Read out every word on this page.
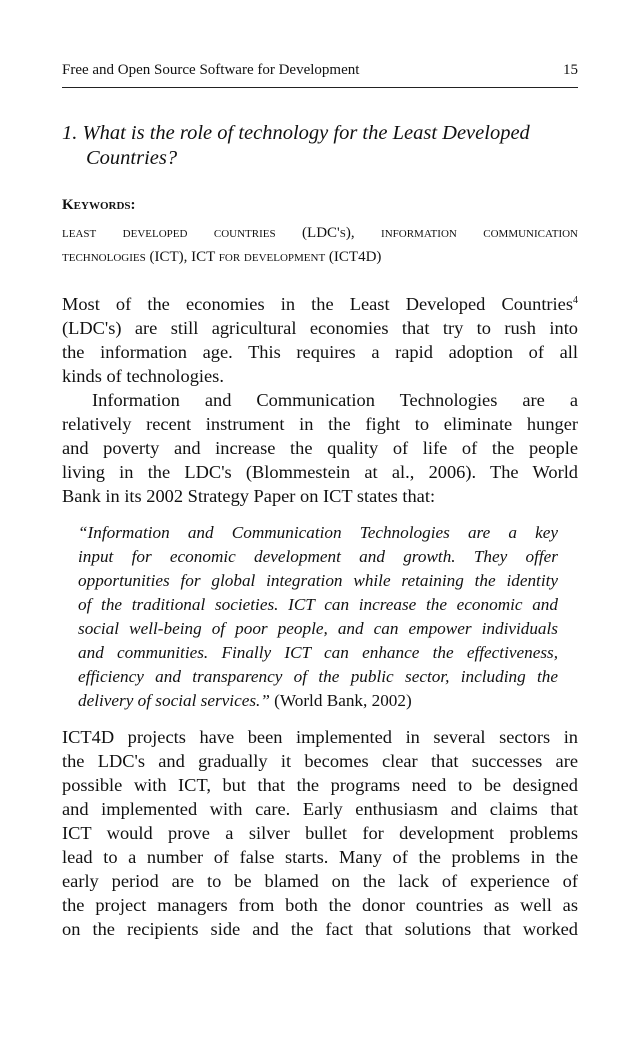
Free and Open Source Software for Development	15
1. What is the role of technology for the Least Developed
Countries?
Keywords:
least developed countries (LDC's), information communication
technologies (ICT), ICT for development (ICT4D)
Most of the economies in the Least Developed Countries$^4$
(LDC's) are still agricultural economies that try to rush into
the information age. This requires a rapid adoption of all
kinds of technologies.
Information and Communication Technologies are a
relatively recent instrument in the fight to eliminate hunger
and poverty and increase the quality of life of the people
living in the LDC's (Blommestein at al., 2006). The World
Bank in its 2002 Strategy Paper on ICT states that:
“Information and Communication Technologies are a key
input for economic development and growth. They offer
opportunities for global integration while retaining the identity
of the traditional societies. ICT can increase the economic and
social well-being of poor people, and can empower individuals
and communities. Finally ICT can enhance the effectiveness,
efficiency and transparency of the public sector, including the
delivery of social services.” (World Bank, 2002)
ICT4D projects have been implemented in several sectors in
the LDC's and gradually it becomes clear that successes are
possible with ICT, but that the programs need to be designed
and implemented with care. Early enthusiasm and claims that
ICT would prove a silver bullet for development problems
lead to a number of false starts. Many of the problems in the
early period are to be blamed on the lack of experience of
the project managers from both the donor countries as well as
on the recipients side and the fact that solutions that worked
